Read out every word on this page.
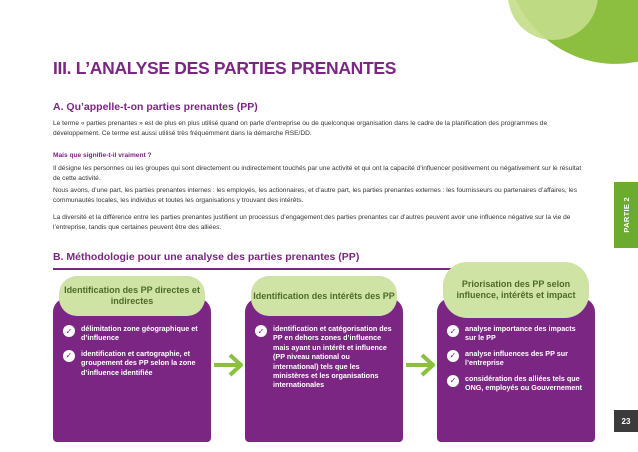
III. L’ANALYSE DES PARTIES PRENANTES
A. Qu’appelle-t-on parties prenantes (PP)
Le terme « parties prenantes » est de plus en plus utilisé quand on parle d’entreprise ou de quelconque organisation dans le cadre de la planification des programmes de développement. Ce terme est aussi utilisé très fréquemment dans la démarche RSE/DD.
Mais que signifie-t-il vraiment ?
Il désigne les personnes ou les groupes qui sont directement ou indirectement touchés par une activité et qui ont la capacité d’influencer positivement ou négativement sur le résultat de cette activité.
Nous avons, d’une part, les parties prenantes internes : les employés, les actionnaires, et d’autre part, les parties prenantes externes : les fournisseurs ou partenaires d’affaires, les communautés locales, les individus et toutes les organisations y trouvant des intérêts.
La diversité et la différence entre les parties prenantes justifient un processus d’engagement des parties prenantes car d’autres peuvent avoir une influence négative sur la vie de l’entreprise, tandis que certaines peuvent être des alliées.	PARTIE 2
23
B. Méthodologie pour une analyse des parties prenantes (PP)
Identification des PP directes et indirectes
✓	délimitation zone géographique et d’influence
✓	identification et cartographie, et groupement des PP selon la zone d’influence identifiée
Identification des intérêts des PP
✓	identification et catégorisation des PP en dehors zones d’influence mais ayant un intérêt et influence (PP niveau national ou international) tels que les ministères et les organisations internationales
Priorisation des PP selon influence, intérêts et impact
✓	analyse importance des impacts sur le PP
✓	analyse influences des PP sur l’entreprise
✓	considération des alliées tels que ONG, employés ou Gouvernement
